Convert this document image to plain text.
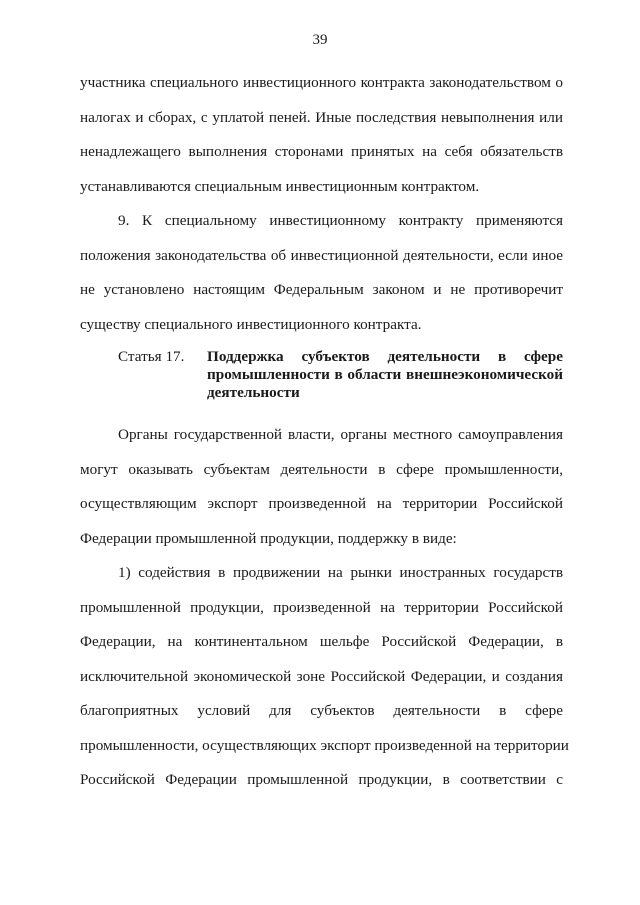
39
участника специального инвестиционного контракта законодательством о
налогах и сборах, с уплатой пеней. Иные последствия невыполнения или
ненадлежащего выполнения сторонами принятых на себя обязательств
устанавливаются специальным инвестиционным контрактом.
9. К специальному инвестиционному контракту применяются
положения законодательства об инвестиционной деятельности, если иное
не установлено настоящим Федеральным законом и не противоречит
существу специального инвестиционного контракта.
Статья 17. Поддержка субъектов деятельности в сфере
промышленности в области внешнеэкономической
деятельности
Органы государственной власти, органы местного самоуправления
могут оказывать субъектам деятельности в сфере промышленности,
осуществляющим экспорт произведенной на территории Российской
Федерации промышленной продукции, поддержку в виде:
1) содействия в продвижении на рынки иностранных государств
промышленной продукции, произведенной на территории Российской
Федерации, на континентальном шельфе Российской Федерации, в
исключительной экономической зоне Российской Федерации, и создания
благоприятных условий для субъектов деятельности в сфере
промышленности, осуществляющих экспорт произведенной на территории
Российской Федерации промышленной продукции, в соответствии с
